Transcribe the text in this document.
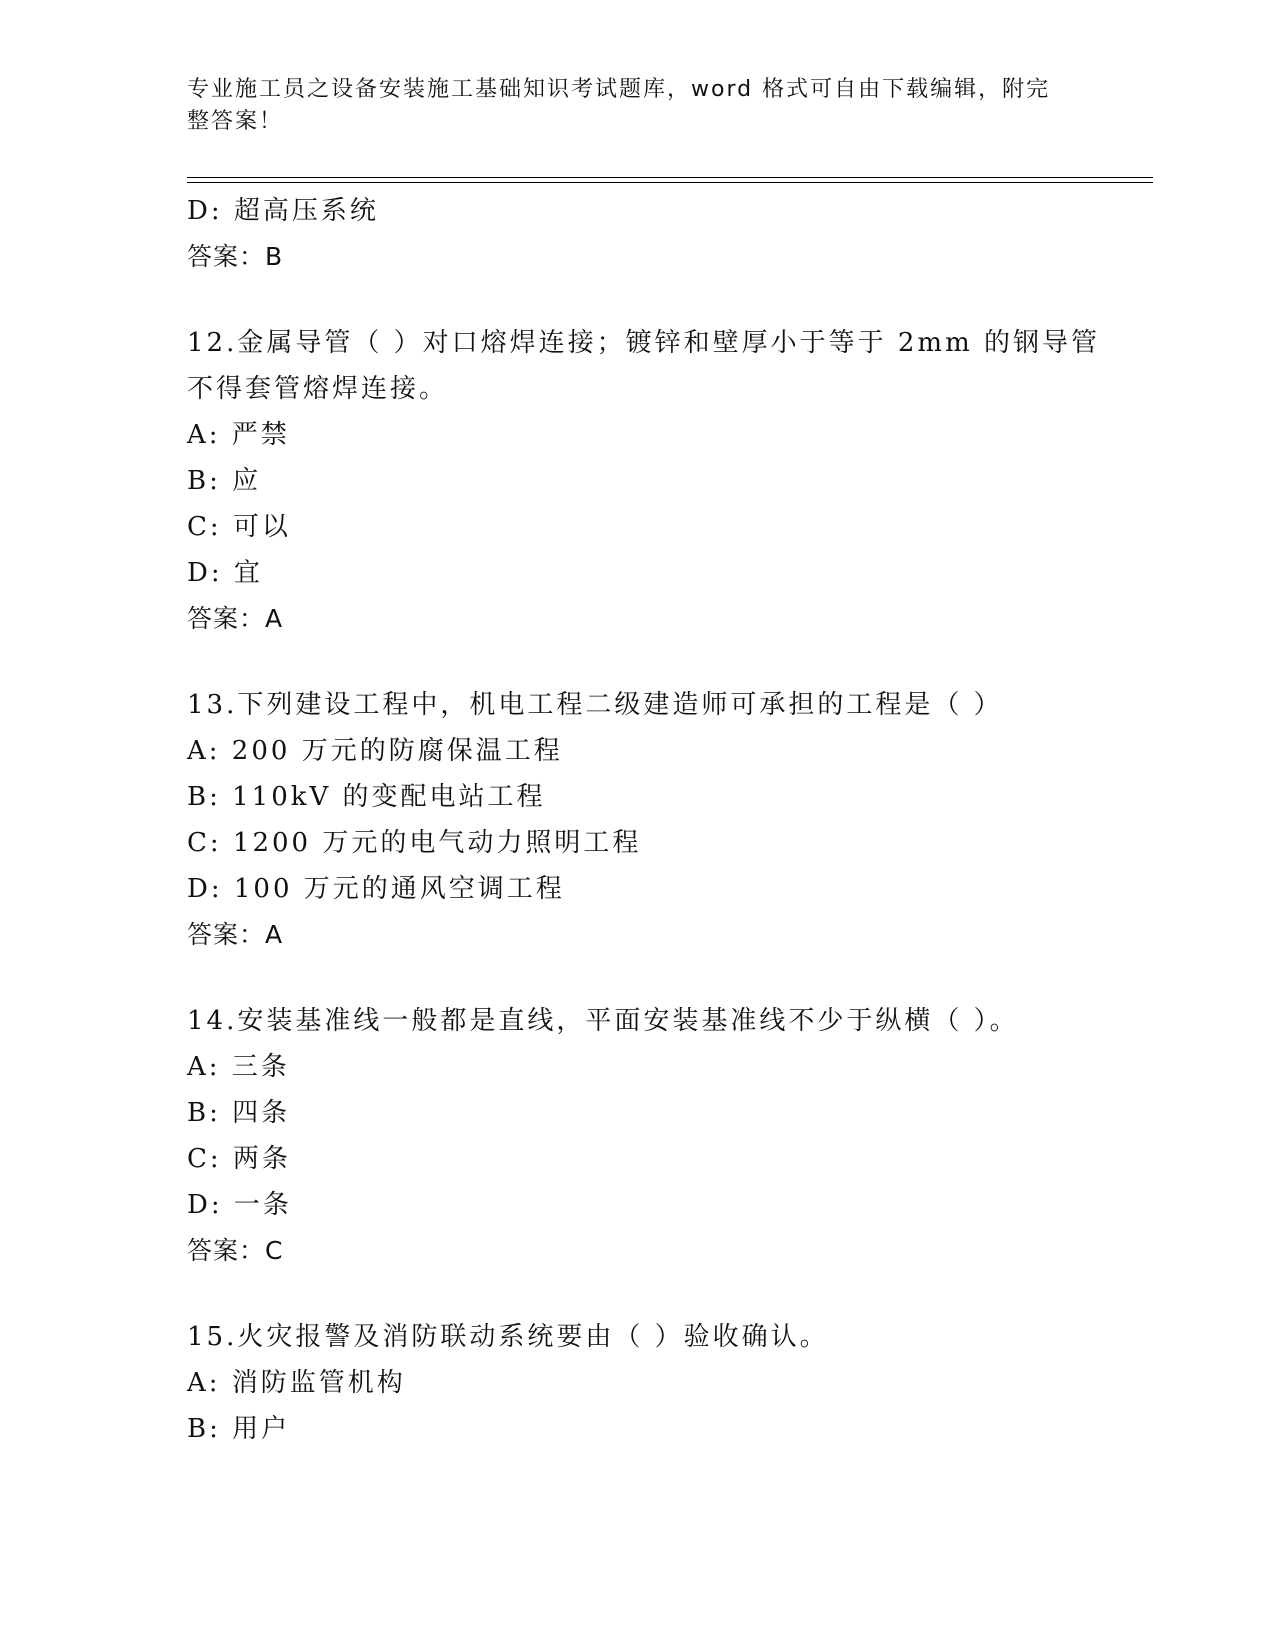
专业施工员之设备安装施工基础知识考试题库，word 格式可自由下载编辑，附完整答案！
D: 超高压系统
答案：B
12.金属导管（ ）对口熔焊连接；镀锌和壁厚小于等于 2mm 的钢导管
不得套管熔焊连接。
A: 严禁
B: 应
C: 可以
D: 宜
答案：A
13.下列建设工程中，机电工程二级建造师可承担的工程是（ ）
A: 200 万元的防腐保温工程
B: 110kV 的变配电站工程
C: 1200 万元的电气动力照明工程
D: 100 万元的通风空调工程
答案：A
14.安装基准线一般都是直线，平面安装基准线不少于纵横（ ）。
A: 三条
B: 四条
C: 两条
D: 一条
答案：C
15.火灾报警及消防联动系统要由（ ）验收确认。
A: 消防监管机构
B: 用户
